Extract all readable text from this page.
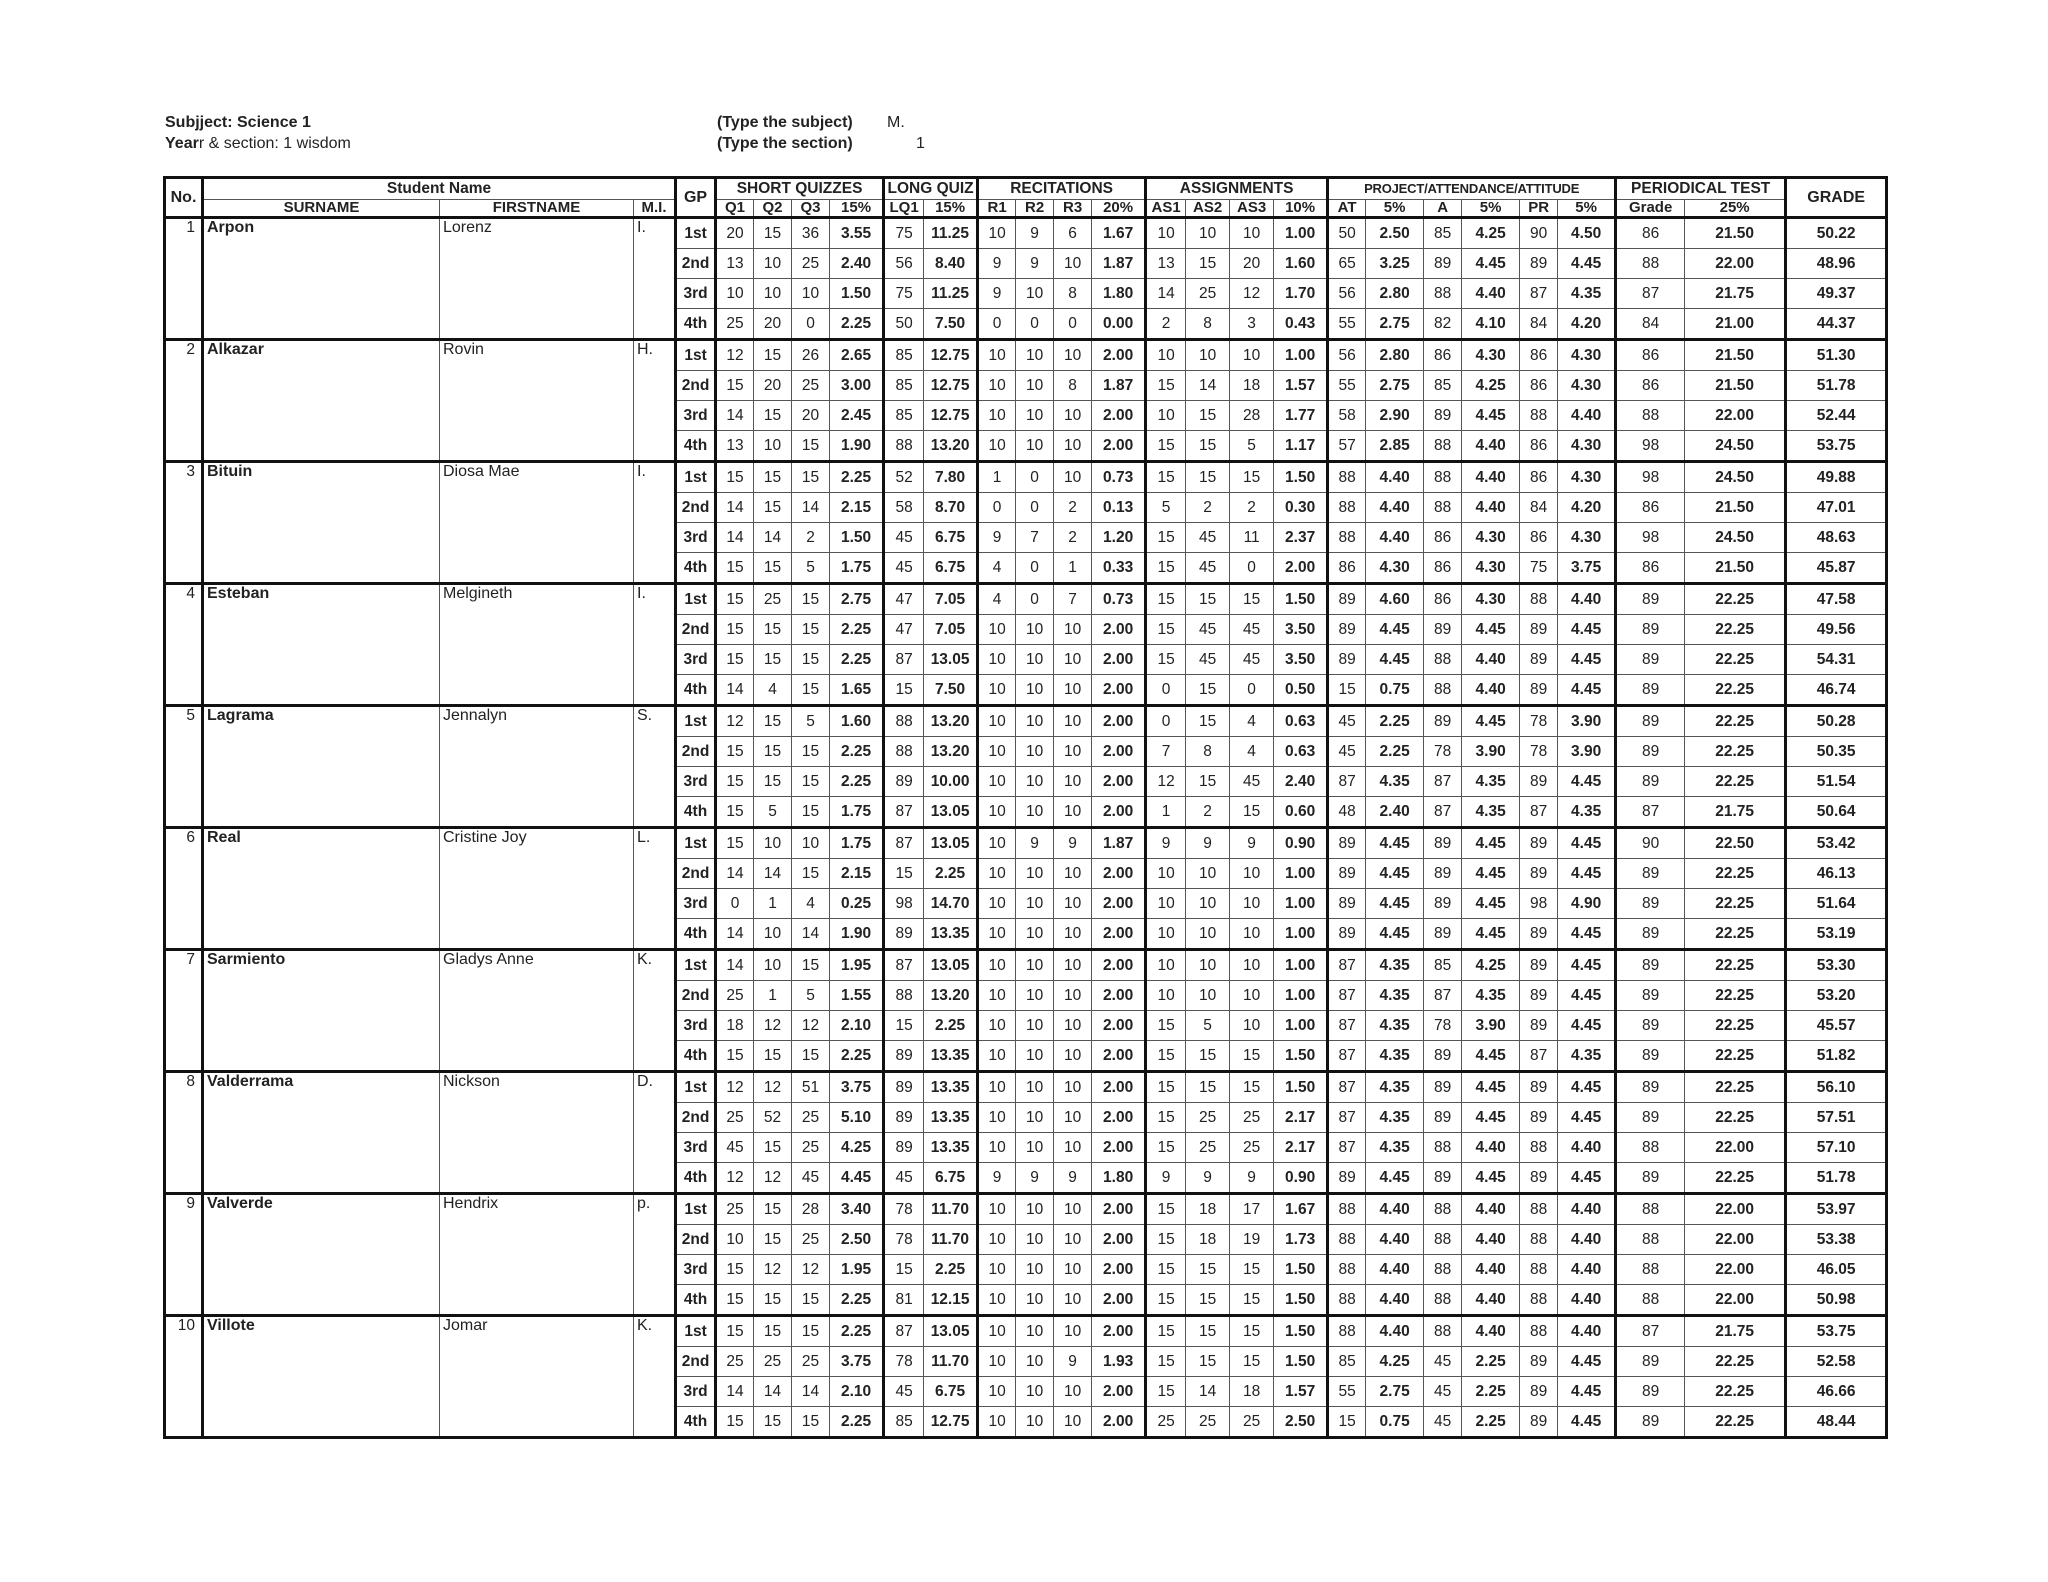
Subjject: Science 1
Yearr & section: 1 wisdom
(Type the subject) M.
(Type the section)	1
No.	Student Name			GP	SHORT QUIZZES				LONG QUIZ		RECITATIONS				ASSIGNMENTS				PROJECT/ATTENDANCE/ATTITUDE						PERIODICAL TEST		GRADE
	SURNAME	FIRSTNAME	M.I.		Q1	Q2	Q3	15%	LQ1	15%	R1	R2	R3	20%	AS1	AS2	AS3	10%	AT	5%	A	5%	PR	5%	Grade	25%	
1	Arpon	Lorenz	I.	1st	20	15	36	3.55	75	11.25	10	9	6	1.67	10	10	10	1.00	50	2.50	85	4.25	90	4.50	86	21.50	50.22
				2nd	13	10	25	2.40	56	8.40	9	9	10	1.87	13	15	20	1.60	65	3.25	89	4.45	89	4.45	88	22.00	48.96
				3rd	10	10	10	1.50	75	11.25	9	10	8	1.80	14	25	12	1.70	56	2.80	88	4.40	87	4.35	87	21.75	49.37
				4th	25	20	0	2.25	50	7.50	0	0	0	0.00	2	8	3	0.43	55	2.75	82	4.10	84	4.20	84	21.00	44.37
2	Alkazar	Rovin	H.	1st	12	15	26	2.65	85	12.75	10	10	10	2.00	10	10	10	1.00	56	2.80	86	4.30	86	4.30	86	21.50	51.30
				2nd	15	20	25	3.00	85	12.75	10	10	8	1.87	15	14	18	1.57	55	2.75	85	4.25	86	4.30	86	21.50	51.78
				3rd	14	15	20	2.45	85	12.75	10	10	10	2.00	10	15	28	1.77	58	2.90	89	4.45	88	4.40	88	22.00	52.44
				4th	13	10	15	1.90	88	13.20	10	10	10	2.00	15	15	5	1.17	57	2.85	88	4.40	86	4.30	98	24.50	53.75
3	Bituin	Diosa Mae	I.	1st	15	15	15	2.25	52	7.80	1	0	10	0.73	15	15	15	1.50	88	4.40	88	4.40	86	4.30	98	24.50	49.88
				2nd	14	15	14	2.15	58	8.70	0	0	2	0.13	5	2	2	0.30	88	4.40	88	4.40	84	4.20	86	21.50	47.01
				3rd	14	14	2	1.50	45	6.75	9	7	2	1.20	15	45	11	2.37	88	4.40	86	4.30	86	4.30	98	24.50	48.63
				4th	15	15	5	1.75	45	6.75	4	0	1	0.33	15	45	0	2.00	86	4.30	86	4.30	75	3.75	86	21.50	45.87
4	Esteban	Melgineth	I.	1st	15	25	15	2.75	47	7.05	4	0	7	0.73	15	15	15	1.50	89	4.60	86	4.30	88	4.40	89	22.25	47.58
				2nd	15	15	15	2.25	47	7.05	10	10	10	2.00	15	45	45	3.50	89	4.45	89	4.45	89	4.45	89	22.25	49.56
				3rd	15	15	15	2.25	87	13.05	10	10	10	2.00	15	45	45	3.50	89	4.45	88	4.40	89	4.45	89	22.25	54.31
				4th	14	4	15	1.65	15	7.50	10	10	10	2.00	0	15	0	0.50	15	0.75	88	4.40	89	4.45	89	22.25	46.74
5	Lagrama	Jennalyn	S.	1st	12	15	5	1.60	88	13.20	10	10	10	2.00	0	15	4	0.63	45	2.25	89	4.45	78	3.90	89	22.25	50.28
				2nd	15	15	15	2.25	88	13.20	10	10	10	2.00	7	8	4	0.63	45	2.25	78	3.90	78	3.90	89	22.25	50.35
				3rd	15	15	15	2.25	89	10.00	10	10	10	2.00	12	15	45	2.40	87	4.35	87	4.35	89	4.45	89	22.25	51.54
				4th	15	5	15	1.75	87	13.05	10	10	10	2.00	1	2	15	0.60	48	2.40	87	4.35	87	4.35	87	21.75	50.64
6	Real	Cristine Joy	L.	1st	15	10	10	1.75	87	13.05	10	9	9	1.87	9	9	9	0.90	89	4.45	89	4.45	89	4.45	90	22.50	53.42
				2nd	14	14	15	2.15	15	2.25	10	10	10	2.00	10	10	10	1.00	89	4.45	89	4.45	89	4.45	89	22.25	46.13
				3rd	0	1	4	0.25	98	14.70	10	10	10	2.00	10	10	10	1.00	89	4.45	89	4.45	98	4.90	89	22.25	51.64
				4th	14	10	14	1.90	89	13.35	10	10	10	2.00	10	10	10	1.00	89	4.45	89	4.45	89	4.45	89	22.25	53.19
7	Sarmiento	Gladys Anne	K.	1st	14	10	15	1.95	87	13.05	10	10	10	2.00	10	10	10	1.00	87	4.35	85	4.25	89	4.45	89	22.25	53.30
				2nd	25	1	5	1.55	88	13.20	10	10	10	2.00	10	10	10	1.00	87	4.35	87	4.35	89	4.45	89	22.25	53.20
				3rd	18	12	12	2.10	15	2.25	10	10	10	2.00	15	5	10	1.00	87	4.35	78	3.90	89	4.45	89	22.25	45.57
				4th	15	15	15	2.25	89	13.35	10	10	10	2.00	15	15	15	1.50	87	4.35	89	4.45	87	4.35	89	22.25	51.82
8	Valderrama	Nickson	D.	1st	12	12	51	3.75	89	13.35	10	10	10	2.00	15	15	15	1.50	87	4.35	89	4.45	89	4.45	89	22.25	56.10
				2nd	25	52	25	5.10	89	13.35	10	10	10	2.00	15	25	25	2.17	87	4.35	89	4.45	89	4.45	89	22.25	57.51
				3rd	45	15	25	4.25	89	13.35	10	10	10	2.00	15	25	25	2.17	87	4.35	88	4.40	88	4.40	88	22.00	57.10
				4th	12	12	45	4.45	45	6.75	9	9	9	1.80	9	9	9	0.90	89	4.45	89	4.45	89	4.45	89	22.25	51.78
9	Valverde	Hendrix	p.	1st	25	15	28	3.40	78	11.70	10	10	10	2.00	15	18	17	1.67	88	4.40	88	4.40	88	4.40	88	22.00	53.97
				2nd	10	15	25	2.50	78	11.70	10	10	10	2.00	15	18	19	1.73	88	4.40	88	4.40	88	4.40	88	22.00	53.38
				3rd	15	12	12	1.95	15	2.25	10	10	10	2.00	15	15	15	1.50	88	4.40	88	4.40	88	4.40	88	22.00	46.05
				4th	15	15	15	2.25	81	12.15	10	10	10	2.00	15	15	15	1.50	88	4.40	88	4.40	88	4.40	88	22.00	50.98
10	Villote	Jomar	K.	1st	15	15	15	2.25	87	13.05	10	10	10	2.00	15	15	15	1.50	88	4.40	88	4.40	88	4.40	87	21.75	53.75
				2nd	25	25	25	3.75	78	11.70	10	10	9	1.93	15	15	15	1.50	85	4.25	45	2.25	89	4.45	89	22.25	52.58
				3rd	14	14	14	2.10	45	6.75	10	10	10	2.00	15	14	18	1.57	55	2.75	45	2.25	89	4.45	89	22.25	46.66
				4th	15	15	15	2.25	85	12.75	10	10	10	2.00	25	25	25	2.50	15	0.75	45	2.25	89	4.45	89	22.25	48.44
